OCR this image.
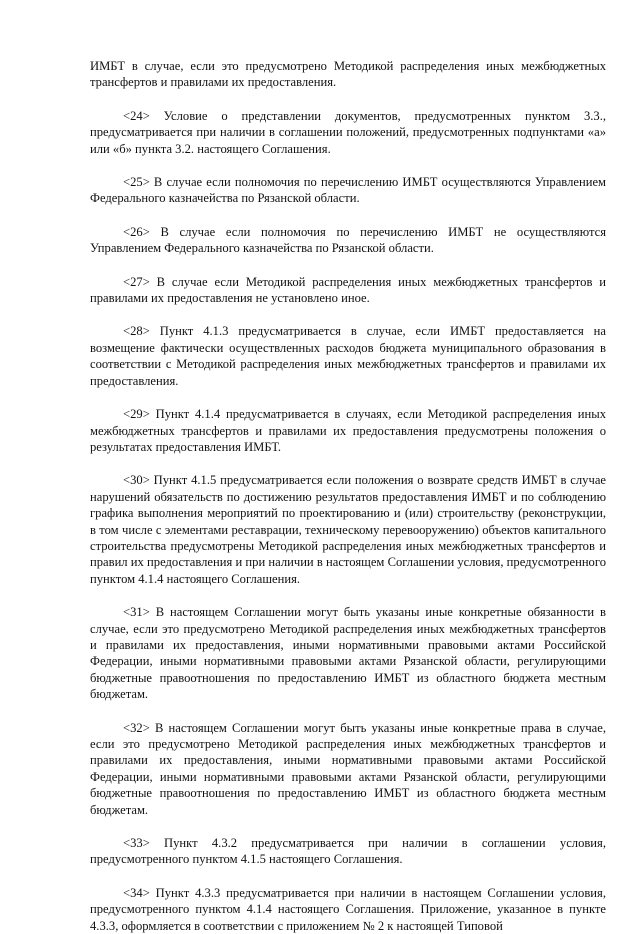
ИМБТ в случае, если это предусмотрено Методикой распределения иных межбюджетных трансфертов и правилами их предоставления.

<24> Условие о представлении документов, предусмотренных пунктом 3.3., предусматривается при наличии в соглашении положений, предусмотренных подпунктами «а» или «б» пункта 3.2. настоящего Соглашения.

<25> В случае если полномочия по перечислению ИМБТ осуществляются Управлением Федерального казначейства по Рязанской области.

<26> В случае если полномочия по перечислению ИМБТ не осуществляются Управлением Федерального казначейства по Рязанской области.

<27> В случае если Методикой распределения иных межбюджетных трансфертов и правилами их предоставления не установлено иное.

<28> Пункт 4.1.3 предусматривается в случае, если ИМБТ предоставляется на возмещение фактически осуществленных расходов бюджета муниципального образования в соответствии с Методикой распределения иных межбюджетных трансфертов и правилами их предоставления.

<29> Пункт 4.1.4 предусматривается в случаях, если Методикой распределения иных межбюджетных трансфертов и правилами их предоставления предусмотрены положения о результатах предоставления ИМБТ.

<30> Пункт 4.1.5 предусматривается если положения о возврате средств ИМБТ в случае нарушений обязательств по достижению результатов предоставления ИМБТ и по соблюдению графика выполнения мероприятий по проектированию и (или) строительству (реконструкции, в том числе с элементами реставрации, техническому перевооружению) объектов капитального строительства предусмотрены Методикой распределения иных межбюджетных трансфертов и правил их предоставления и при наличии в настоящем Соглашении условия, предусмотренного пунктом 4.1.4 настоящего Соглашения.

<31> В настоящем Соглашении могут быть указаны иные конкретные обязанности в случае, если это предусмотрено Методикой распределения иных межбюджетных трансфертов и правилами их предоставления, иными нормативными правовыми актами Российской Федерации, иными нормативными правовыми актами Рязанской области, регулирующими бюджетные правоотношения по предоставлению ИМБТ из областного бюджета местным бюджетам.

<32> В настоящем Соглашении могут быть указаны иные конкретные права в случае, если это предусмотрено Методикой распределения иных межбюджетных трансфертов и правилами их предоставления, иными нормативными правовыми актами Российской Федерации, иными нормативными правовыми актами Рязанской области, регулирующими бюджетные правоотношения по предоставлению ИМБТ из областного бюджета местным бюджетам.

<33> Пункт 4.3.2 предусматривается при наличии в соглашении условия, предусмотренного пунктом 4.1.5 настоящего Соглашения.

<34> Пункт 4.3.3 предусматривается при наличии в настоящем Соглашении условия, предусмотренного пунктом 4.1.4 настоящего Соглашения. Приложение, указанное в пункте 4.3.3, оформляется в соответствии с приложением № 2 к настоящей Типовой
